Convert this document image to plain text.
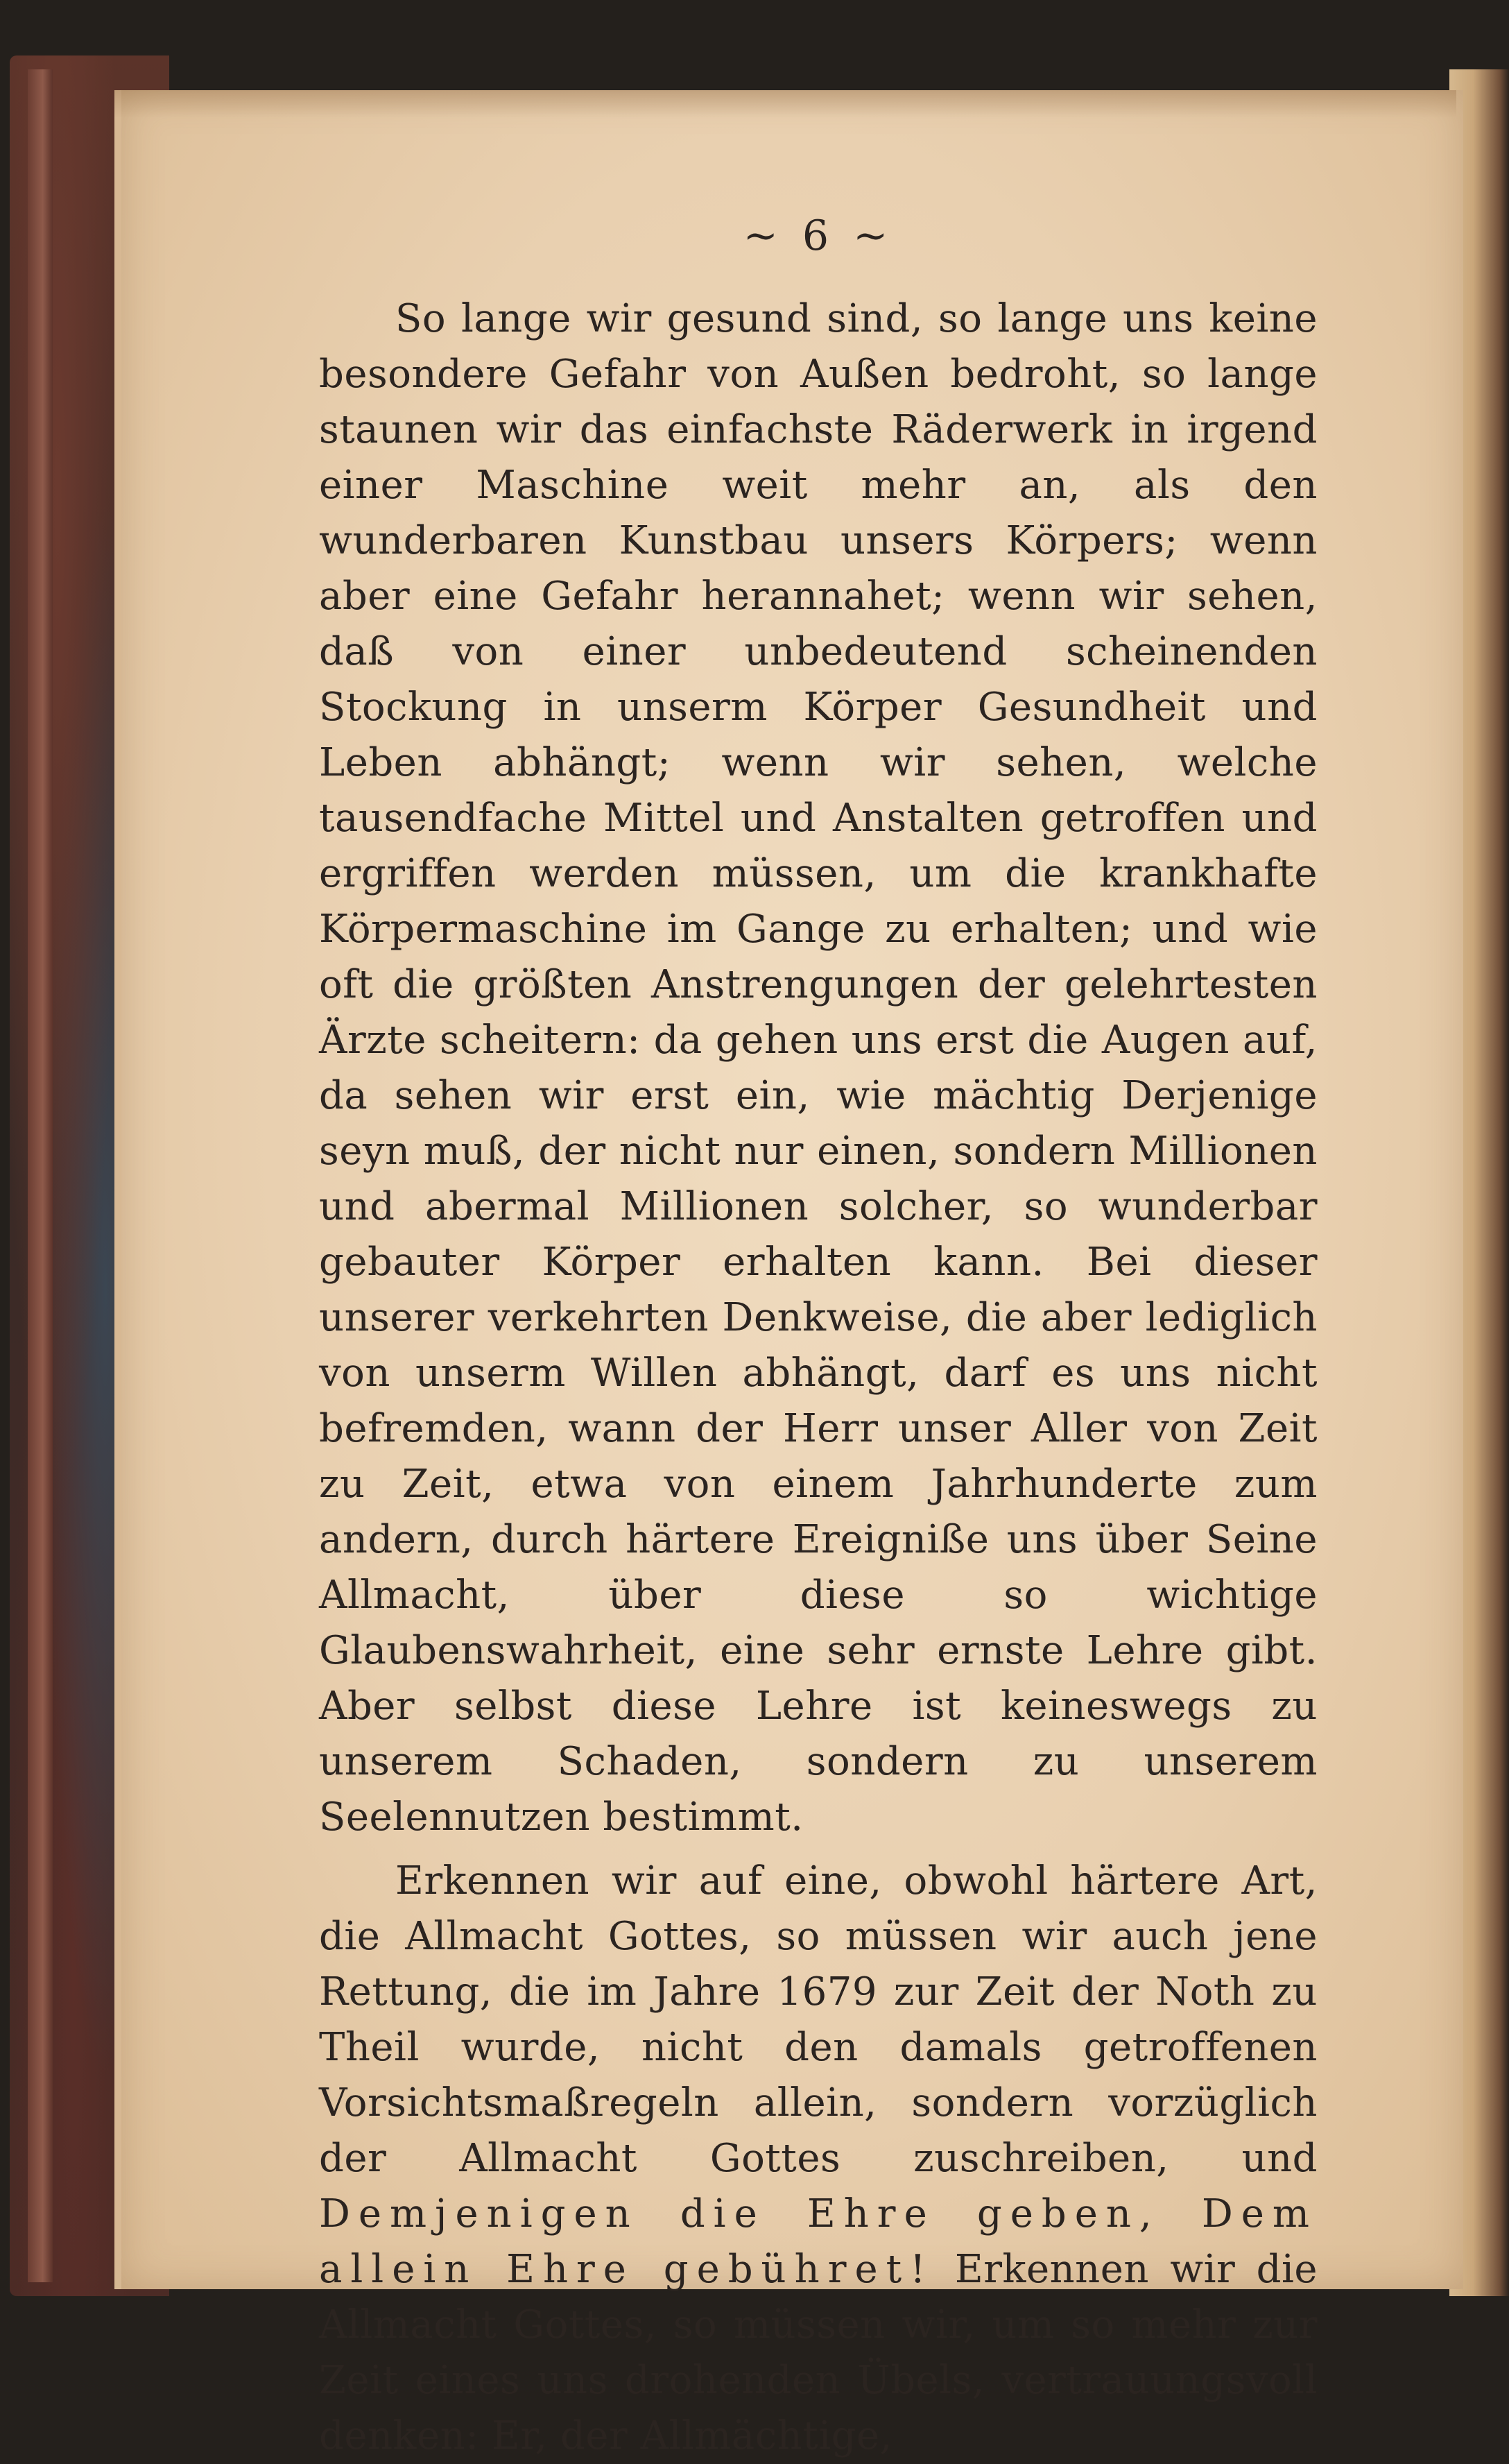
~ 6 ~

So lange wir gesund sind, so lange uns keine besondere Gefahr von Außen bedroht, so lange staunen wir das einfachste Räderwerk in irgend einer Maschine weit mehr an, als den wunderbaren Kunstbau unsers Körpers; wenn aber eine Gefahr herannahet; wenn wir sehen, daß von einer unbedeutend scheinenden Stockung in unserm Körper Gesundheit und Leben abhängt; wenn wir sehen, welche tausendfache Mittel und Anstalten getroffen und ergriffen werden müssen, um die krankhafte Körpermaschine im Gange zu erhalten; und wie oft die größten Anstrengungen der gelehrtesten Ärzte scheitern: da gehen uns erst die Augen auf, da sehen wir erst ein, wie mächtig Derjenige seyn muß, der nicht nur einen, sondern Millionen und abermal Millionen solcher, so wunderbar gebauter Körper erhalten kann. Bei dieser unserer verkehrten Denkweise, die aber lediglich von unserm Willen abhängt, darf es uns nicht befremden, wann der Herr unser Aller von Zeit zu Zeit, etwa von einem Jahrhunderte zum andern, durch härtere Ereigniße uns über Seine Allmacht, über diese so wichtige Glaubenswahrheit, eine sehr ernste Lehre gibt. Aber selbst diese Lehre ist keineswegs zu unserem Schaden, sondern zu unserem Seelennutzen bestimmt.

Erkennen wir auf eine, obwohl härtere Art, die Allmacht Gottes, so müssen wir auch jene Rettung, die im Jahre 1679 zur Zeit der Noth zu Theil wurde, nicht den damals getroffenen Vorsichtsmaßregeln allein, sondern vorzüglich der Allmacht Gottes zuschreiben, und Demjenigen die Ehre geben, Dem allein Ehre gebühret! Erkennen wir die Allmacht Gottes, so müssen wir, um so mehr zur Zeit eines uns drohenden Übels, vertrauungsvoll denken: Er, der Allmächtige,
